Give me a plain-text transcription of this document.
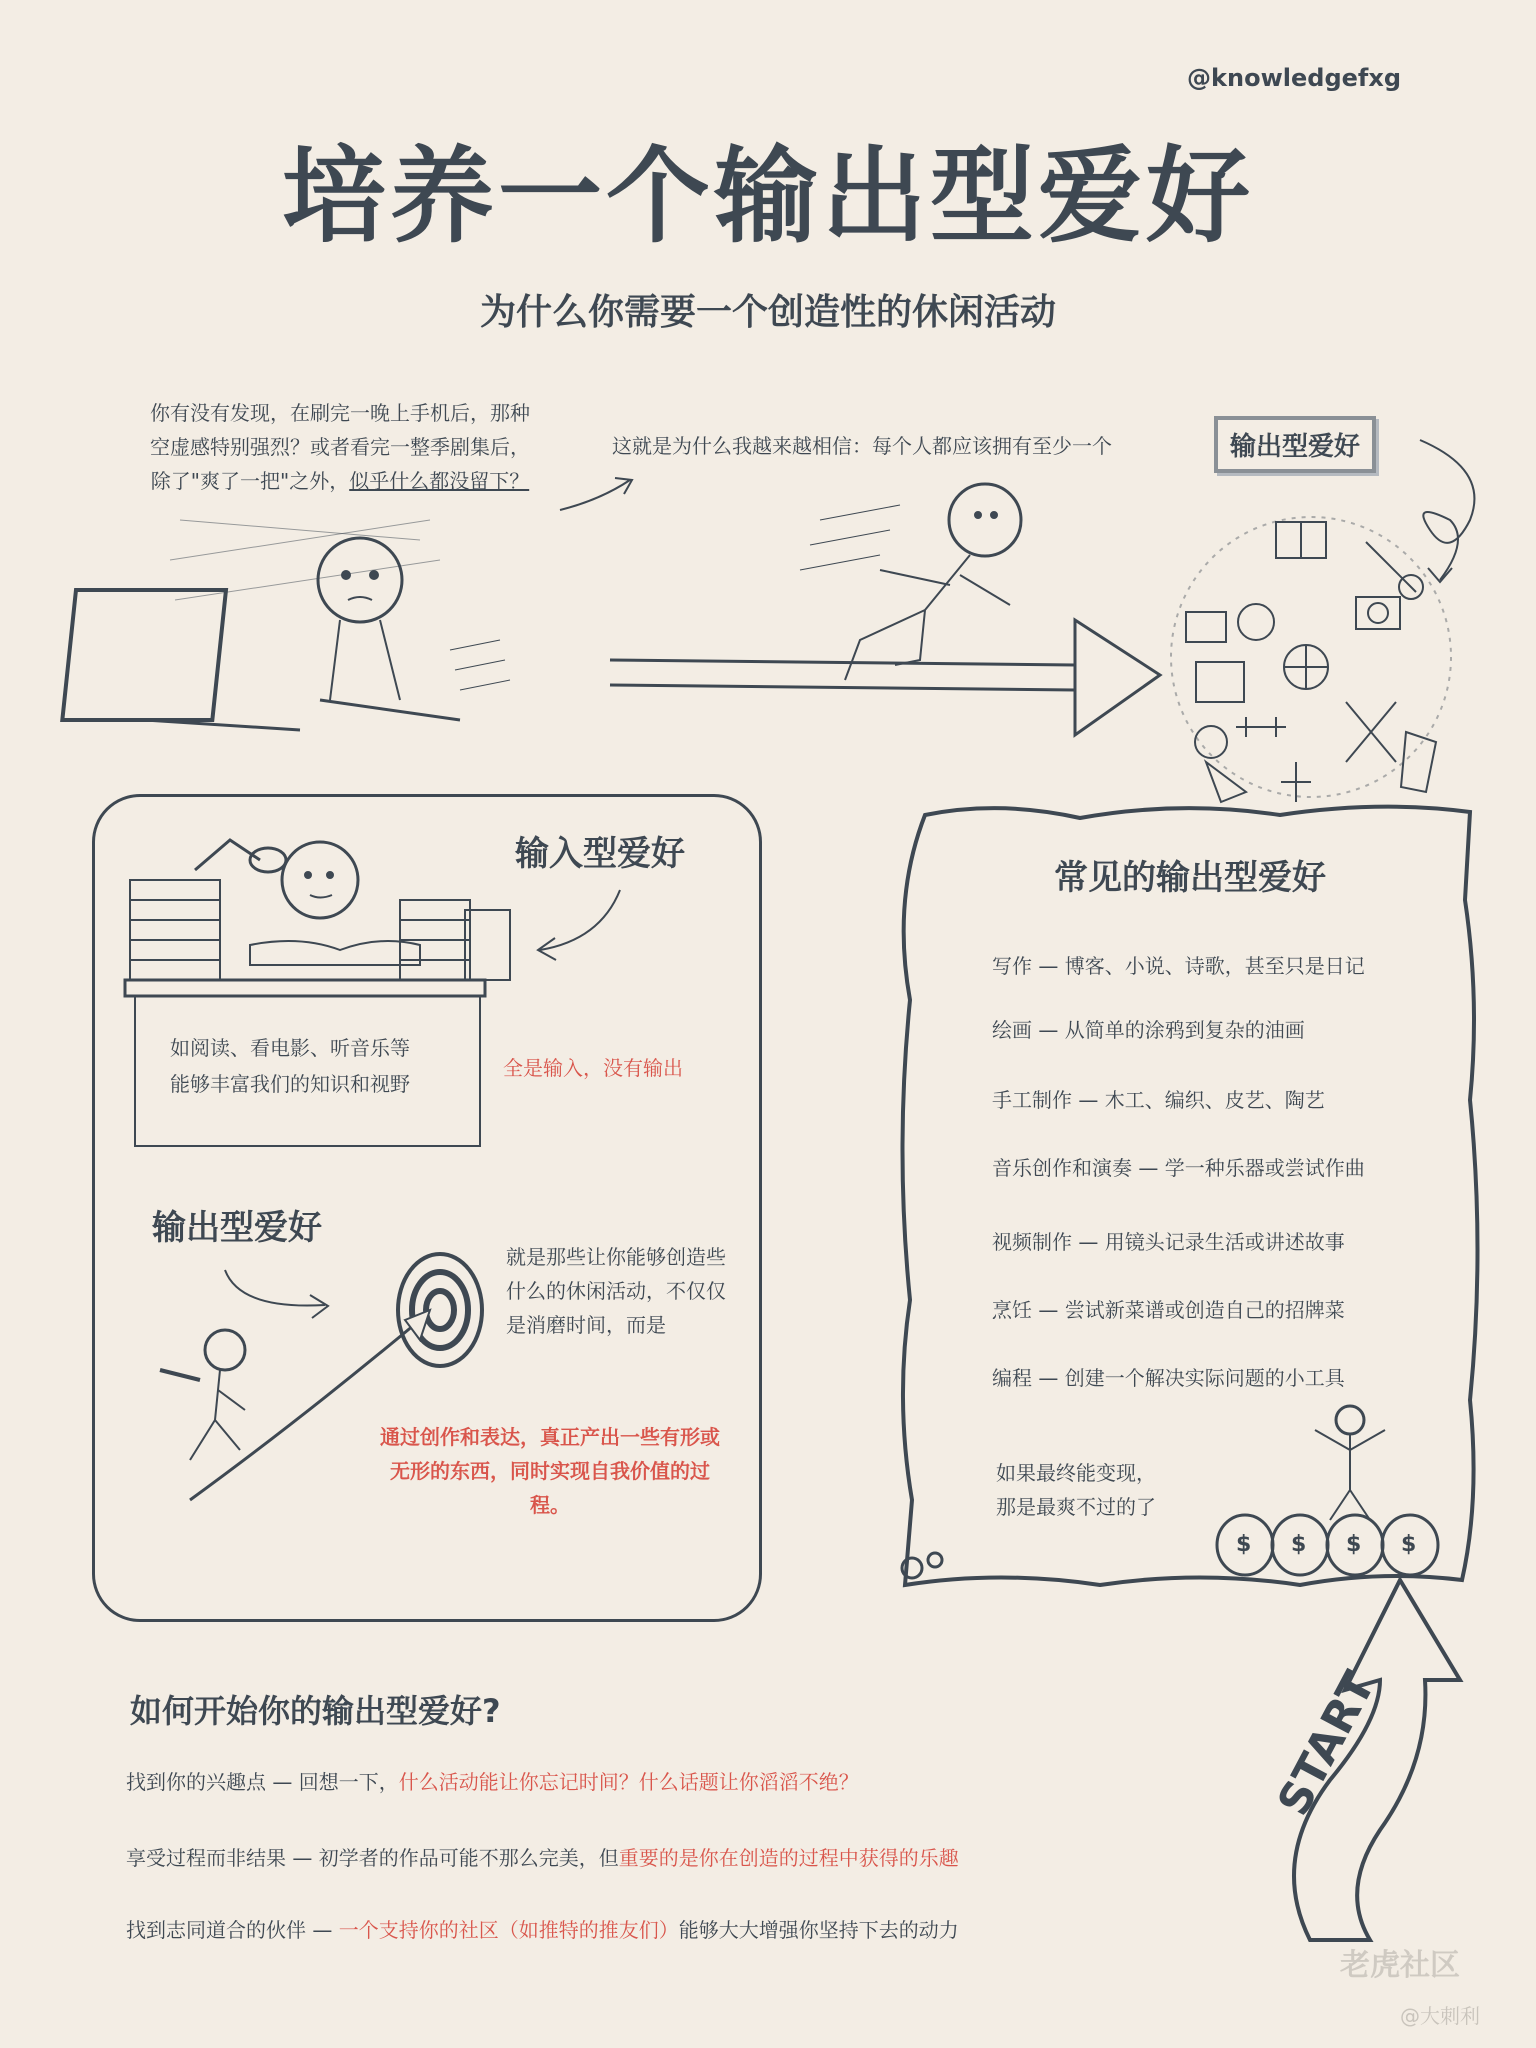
@knowledgefxg
培养一个输出型爱好
为什么你需要一个创造性的休闲活动
你有没有发现，在刷完一晚上手机后，那种
空虚感特别强烈？或者看完一整季剧集后，
除了"爽了一把"之外，似乎什么都没留下？
这就是为什么我越来越相信：每个人都应该拥有至少一个	输出型爱好
输入型爱好
如阅读、看电影、听音乐等
能够丰富我们的知识和视野
全是输入，没有输出
输出型爱好
就是那些让你能够创造些什么的休闲活动，不仅仅是消磨时间，而是
通过创作和表达，真正产出一些有形或无形的东西，同时实现自我价值的过程。
常见的输出型爱好
写作 — 博客、小说、诗歌，甚至只是日记
绘画 — 从简单的涂鸦到复杂的油画
手工制作 — 木工、编织、皮艺、陶艺
音乐创作和演奏 — 学一种乐器或尝试作曲
视频制作 — 用镜头记录生活或讲述故事
烹饪 — 尝试新菜谱或创造自己的招牌菜
编程 — 创建一个解决实际问题的小工具
如果最终能变现，
那是最爽不过的了
$ $ $ $
如何开始你的输出型爱好?
找到你的兴趣点 — 回想一下，什么活动能让你忘记时间？什么话题让你滔滔不绝？
享受过程而非结果 — 初学者的作品可能不那么完美，但重要的是你在创造的过程中获得的乐趣
找到志同道合的伙伴 — 一个支持你的社区（如推特的推友们）能够大大增强你坚持下去的动力
START
老虎社区
@大刺利
